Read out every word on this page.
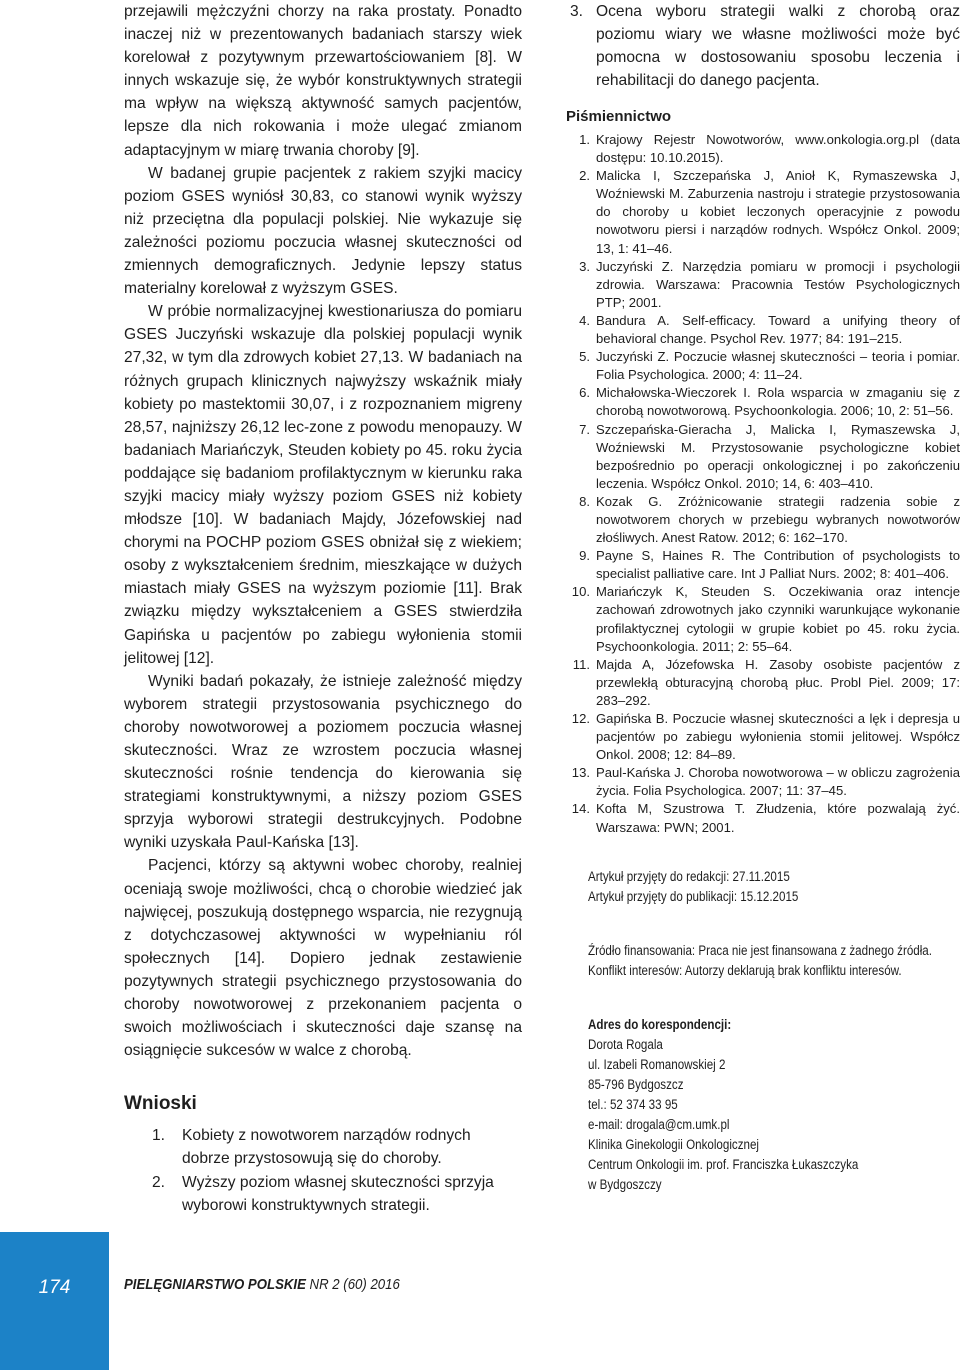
przejawili mężczyźni chorzy na raka prostaty. Ponadto inaczej niż w prezentowanych badaniach starszy wiek korelował z pozytywnym przewartościowaniem [8]. W innych wskazuje się, że wybór konstruktywnych strategii ma wpływ na większą aktywność samych pacjentów, lepsze dla nich rokowania i może ulegać zmianom adaptacyjnym w miarę trwania choroby [9].

W badanej grupie pacjentek z rakiem szyjki macicy poziom GSES wyniósł 30,83, co stanowi wynik wyższy niż przeciętna dla populacji polskiej. Nie wykazuje się zależności poziomu poczucia własnej skuteczności od zmiennych demograficznych. Jedynie lepszy status materialny korelował z wyższym GSES.

W próbie normalizacyjnej kwestionariusza do pomiaru GSES Juczyński wskazuje dla polskiej populacji wynik 27,32, w tym dla zdrowych kobiet 27,13. W badaniach na różnych grupach klinicznych najwyższy wskaźnik miały kobiety po mastektomii 30,07, i z rozpoznaniem migreny 28,57, najniższy 26,12 lec-zone z powodu menopauzy. W badaniach Mariańczyk, Steuden kobiety po 45. roku życia poddające się badaniom profilaktycznym w kierunku raka szyjki macicy miały wyższy poziom GSES niż kobiety młodsze [10]. W badaniach Majdy, Józefowskiej nad chorymi na POCHP poziom GSES obniżał się z wiekiem; osoby z wykształceniem średnim, mieszkające w dużych miastach miały GSES na wyższym poziomie [11]. Brak związku między wykształceniem a GSES stwierdziła Gapińska u pacjentów po zabiegu wyłonienia stomii jelitowej [12].

Wyniki badań pokazały, że istnieje zależność między wyborem strategii przystosowania psychicznego do choroby nowotworowej a poziomem poczucia własnej skuteczności. Wraz ze wzrostem poczucia własnej skuteczności rośnie tendencja do kierowania się strategiami konstruktywnymi, a niższy poziom GSES sprzyja wyborowi strategii destrukcyjnych. Podobne wyniki uzyskała Paul-Kańska [13].

Pacjenci, którzy są aktywni wobec choroby, realniej oceniają swoje możliwości, chcą o chorobie wiedzieć jak najwięcej, poszukują dostępnego wsparcia, nie rezygnują z dotychczasowej aktywności w wypełnianiu ról społecznych [14]. Dopiero jednak zestawienie pozytywnych strategii psychicznego przystosowania do choroby nowotworowej z przekonaniem pacjenta o swoich możliwościach i skuteczności daje szansę na osiągnięcie sukcesów w walce z chorobą.

Wnioski
1.	Kobiety z nowotworem narządów rodnych dobrze przystosowują się do choroby.
2.	Wyższy poziom własnej skuteczności sprzyja wyborowi konstruktywnych strategii.
3. Ocena wyboru strategii walki z chorobą oraz poziomu wiary we własne możliwości może być pomocna w dostosowaniu sposobu leczenia i rehabilitacji do danego pacjenta.
Piśmiennictwo
1. Krajowy Rejestr Nowotworów, www.onkologia.org.pl (data dostępu: 10.10.2015).
2. Malicka I, Szczepańska J, Anioł K, Rymaszewska J, Woźniewski M. Zaburzenia nastroju i strategie przystosowania do choroby u kobiet leczonych operacyjnie z powodu nowotworu piersi i narządów rodnych. Współcz Onkol. 2009; 13, 1: 41–46.
3. Juczyński Z. Narzędzia pomiaru w promocji i psychologii zdrowia. Warszawa: Pracownia Testów Psychologicznych PTP; 2001.
4. Bandura A. Self-efficacy. Toward a unifying theory of behavioral change. Psychol Rev. 1977; 84: 191–215.
5. Juczyński Z. Poczucie własnej skuteczności – teoria i pomiar. Folia Psychologica. 2000; 4: 11–24.
6. Michałowska-Wieczorek I. Rola wsparcia w zmaganiu się z chorobą nowotworową. Psychoonkologia. 2006; 10, 2: 51–56.
7. Szczepańska-Gieracha J, Malicka I, Rymaszewska J, Woźniewski M. Przystosowanie psychologiczne kobiet bezpośrednio po operacji onkologicznej i po zakończeniu leczenia. Współcz Onkol. 2010; 14, 6: 403–410.
8. Kozak G. Zróżnicowanie strategii radzenia sobie z nowotworem chorych w przebiegu wybranych nowotworów złośliwych. Anest Ratow. 2012; 6: 162–170.
9. Payne S, Haines R. The Contribution of psychologists to specialist palliative care. Int J Palliat Nurs. 2002; 8: 401–406.
10. Mariańczyk K, Steuden S. Oczekiwania oraz intencje zachowań zdrowotnych jako czynniki warunkujące wykonanie profilaktycznej cytologii w grupie kobiet po 45. roku życia. Psychoonkologia. 2011; 2: 55–64.
11. Majda A, Józefowska H. Zasoby osobiste pacjentów z przewlekłą obturacyjną chorobą płuc. Probl Piel. 2009; 17: 283–292.
12. Gapińska B. Poczucie własnej skuteczności a lęk i depresja u pacjentów po zabiegu wyłonienia stomii jelitowej. Współcz Onkol. 2008; 12: 84–89.
13. Paul-Kańska J. Choroba nowotworowa – w obliczu zagrożenia życia. Folia Psychologica. 2007; 11: 37–45.
14. Kofta M, Szustrowa T. Złudzenia, które pozwalają żyć. Warszawa: PWN; 2001.

Artykuł przyjęty do redakcji: 27.11.2015

Artykuł przyjęty do publikacji: 15.12.2015

Źródło finansowania: Praca nie jest finansowana z żadnego źródła.

Konflikt interesów: Autorzy deklarują brak konfliktu interesów.

Adres do korespondencji:

Dorota Rogala

ul. Izabeli Romanowskiej 2

85-796 Bydgoszcz

tel.: 52 374 33 95

e-mail: drogala@cm.umk.pl

Klinika Ginekologii Onkologicznej

Centrum Onkologii im. prof. Franciszka Łukaszczyka

w Bydgoszczy

174	PIELĘGNIARSTWO POLSKIE NR 2 (60) 2016
